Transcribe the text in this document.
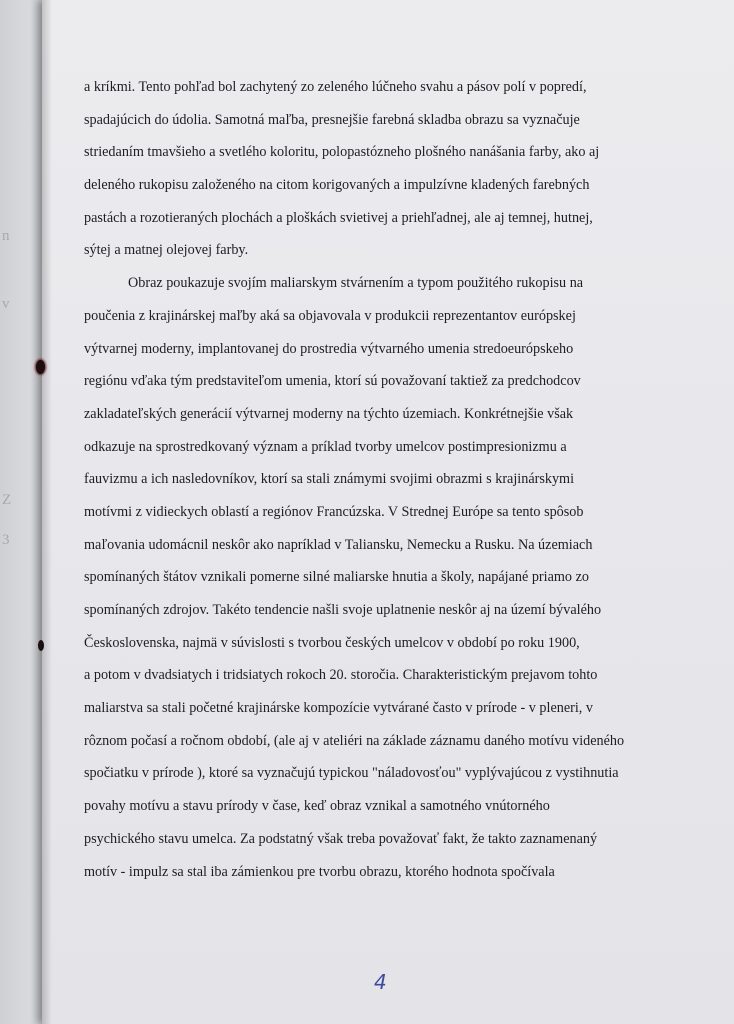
n
v
Z
3
a kríkmi. Tento pohľad bol zachytený zo zeleného lúčneho svahu a pásov polí v popredí,
spadajúcich do údolia. Samotná maľba, presnejšie farebná skladba obrazu sa vyznačuje
striedaním tmavšieho a svetlého koloritu, polopastózneho plošného nanášania farby, ako aj
deleného rukopisu založeného na citom korigovaných a impulzívne kladených farebných
pastách a rozotieraných plochách a ploškách svietivej a priehľadnej, ale aj temnej, hutnej,
sýtej a matnej olejovej farby.
Obraz poukazuje svojím maliarskym stvárnením a typom použitého rukopisu na
poučenia z krajinárskej maľby aká sa objavovala v produkcii reprezentantov európskej
výtvarnej moderny, implantovanej do prostredia výtvarného umenia stredoeurópskeho
regiónu vďaka tým predstaviteľom umenia, ktorí sú považovaní taktiež za predchodcov
zakladateľských generácií výtvarnej moderny na týchto územiach. Konkrétnejšie však
odkazuje na sprostredkovaný význam a príklad tvorby umelcov postimpresionizmu a
fauvizmu a ich nasledovníkov, ktorí sa stali známymi svojimi obrazmi s krajinárskymi
motívmi z vidieckych oblastí a regiónov Francúzska. V Strednej Európe sa tento spôsob
maľovania udomácnil neskôr ako napríklad v Taliansku, Nemecku a Rusku. Na územiach
spomínaných štátov vznikali pomerne silné maliarske hnutia a školy, napájané priamo zo
spomínaných zdrojov. Takéto tendencie našli svoje uplatnenie neskôr aj na území bývalého
Československa, najmä v súvislosti s tvorbou českých umelcov v období po roku 1900,
a potom v dvadsiatych i tridsiatych rokoch 20. storočia. Charakteristickým prejavom tohto
maliarstva sa stali početné krajinárske kompozície vytvárané často v prírode - v pleneri, v
rôznom počasí a ročnom období, (ale aj v ateliéri na základe záznamu daného motívu videného
spočiatku v prírode ), ktoré sa vyznačujú typickou "náladovosťou" vyplývajúcou z vystihnutia
povahy motívu a stavu prírody v čase, keď obraz vznikal a samotného vnútorného
psychického stavu umelca. Za podstatný však treba považovať fakt, že takto zaznamenaný
motív - impulz sa stal iba zámienkou pre tvorbu obrazu, ktorého hodnota spočívala
4
